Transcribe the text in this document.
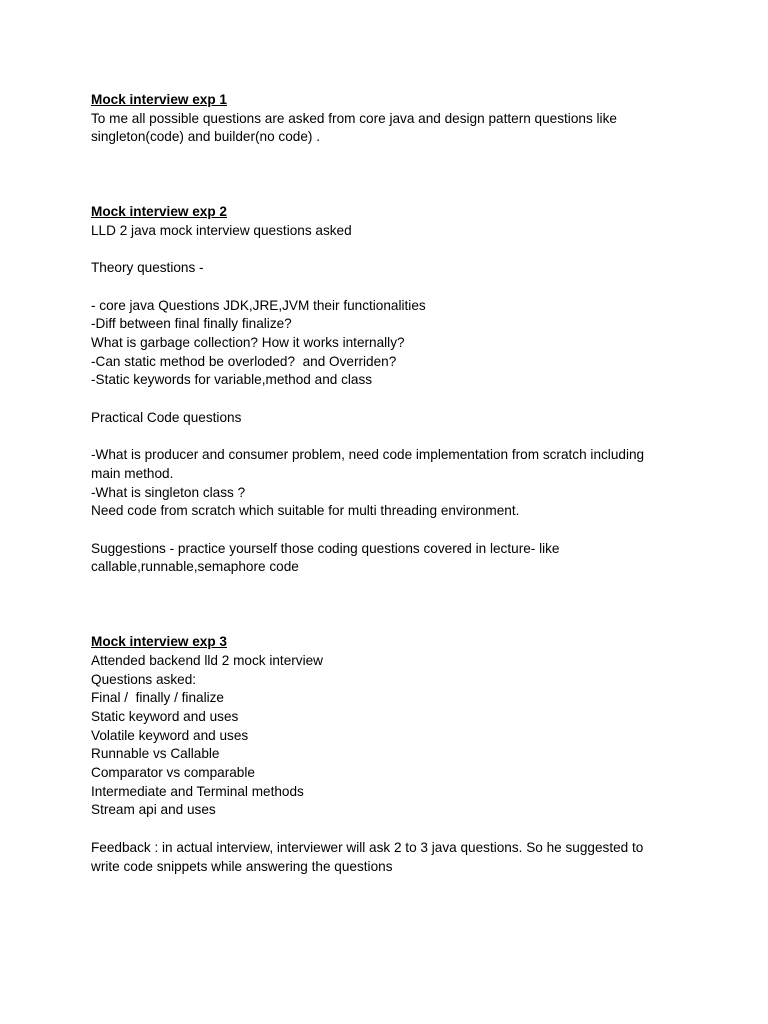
Mock interview exp 1

To me all possible questions are asked from core java and design pattern questions like

singleton(code) and builder(no code) .

Mock interview exp 2

LLD 2 java mock interview questions asked

Theory questions -

- core java Questions JDK,JRE,JVM their functionalities

-Diff between final finally finalize?

What is garbage collection? How it works internally?

-Can static method be overloded?  and Overriden?

-Static keywords for variable,method and class

Practical Code questions

-What is producer and consumer problem, need code implementation from scratch including

main method.

-What is singleton class ?

Need code from scratch which suitable for multi threading environment.

Suggestions - practice yourself those coding questions covered in lecture- like

callable,runnable,semaphore code

Mock interview exp 3

Attended backend lld 2 mock interview

Questions asked:

Final /  finally / finalize

Static keyword and uses

Volatile keyword and uses

Runnable vs Callable

Comparator vs comparable

Intermediate and Terminal methods

Stream api and uses

Feedback : in actual interview, interviewer will ask 2 to 3 java questions. So he suggested to

write code snippets while answering the questions
